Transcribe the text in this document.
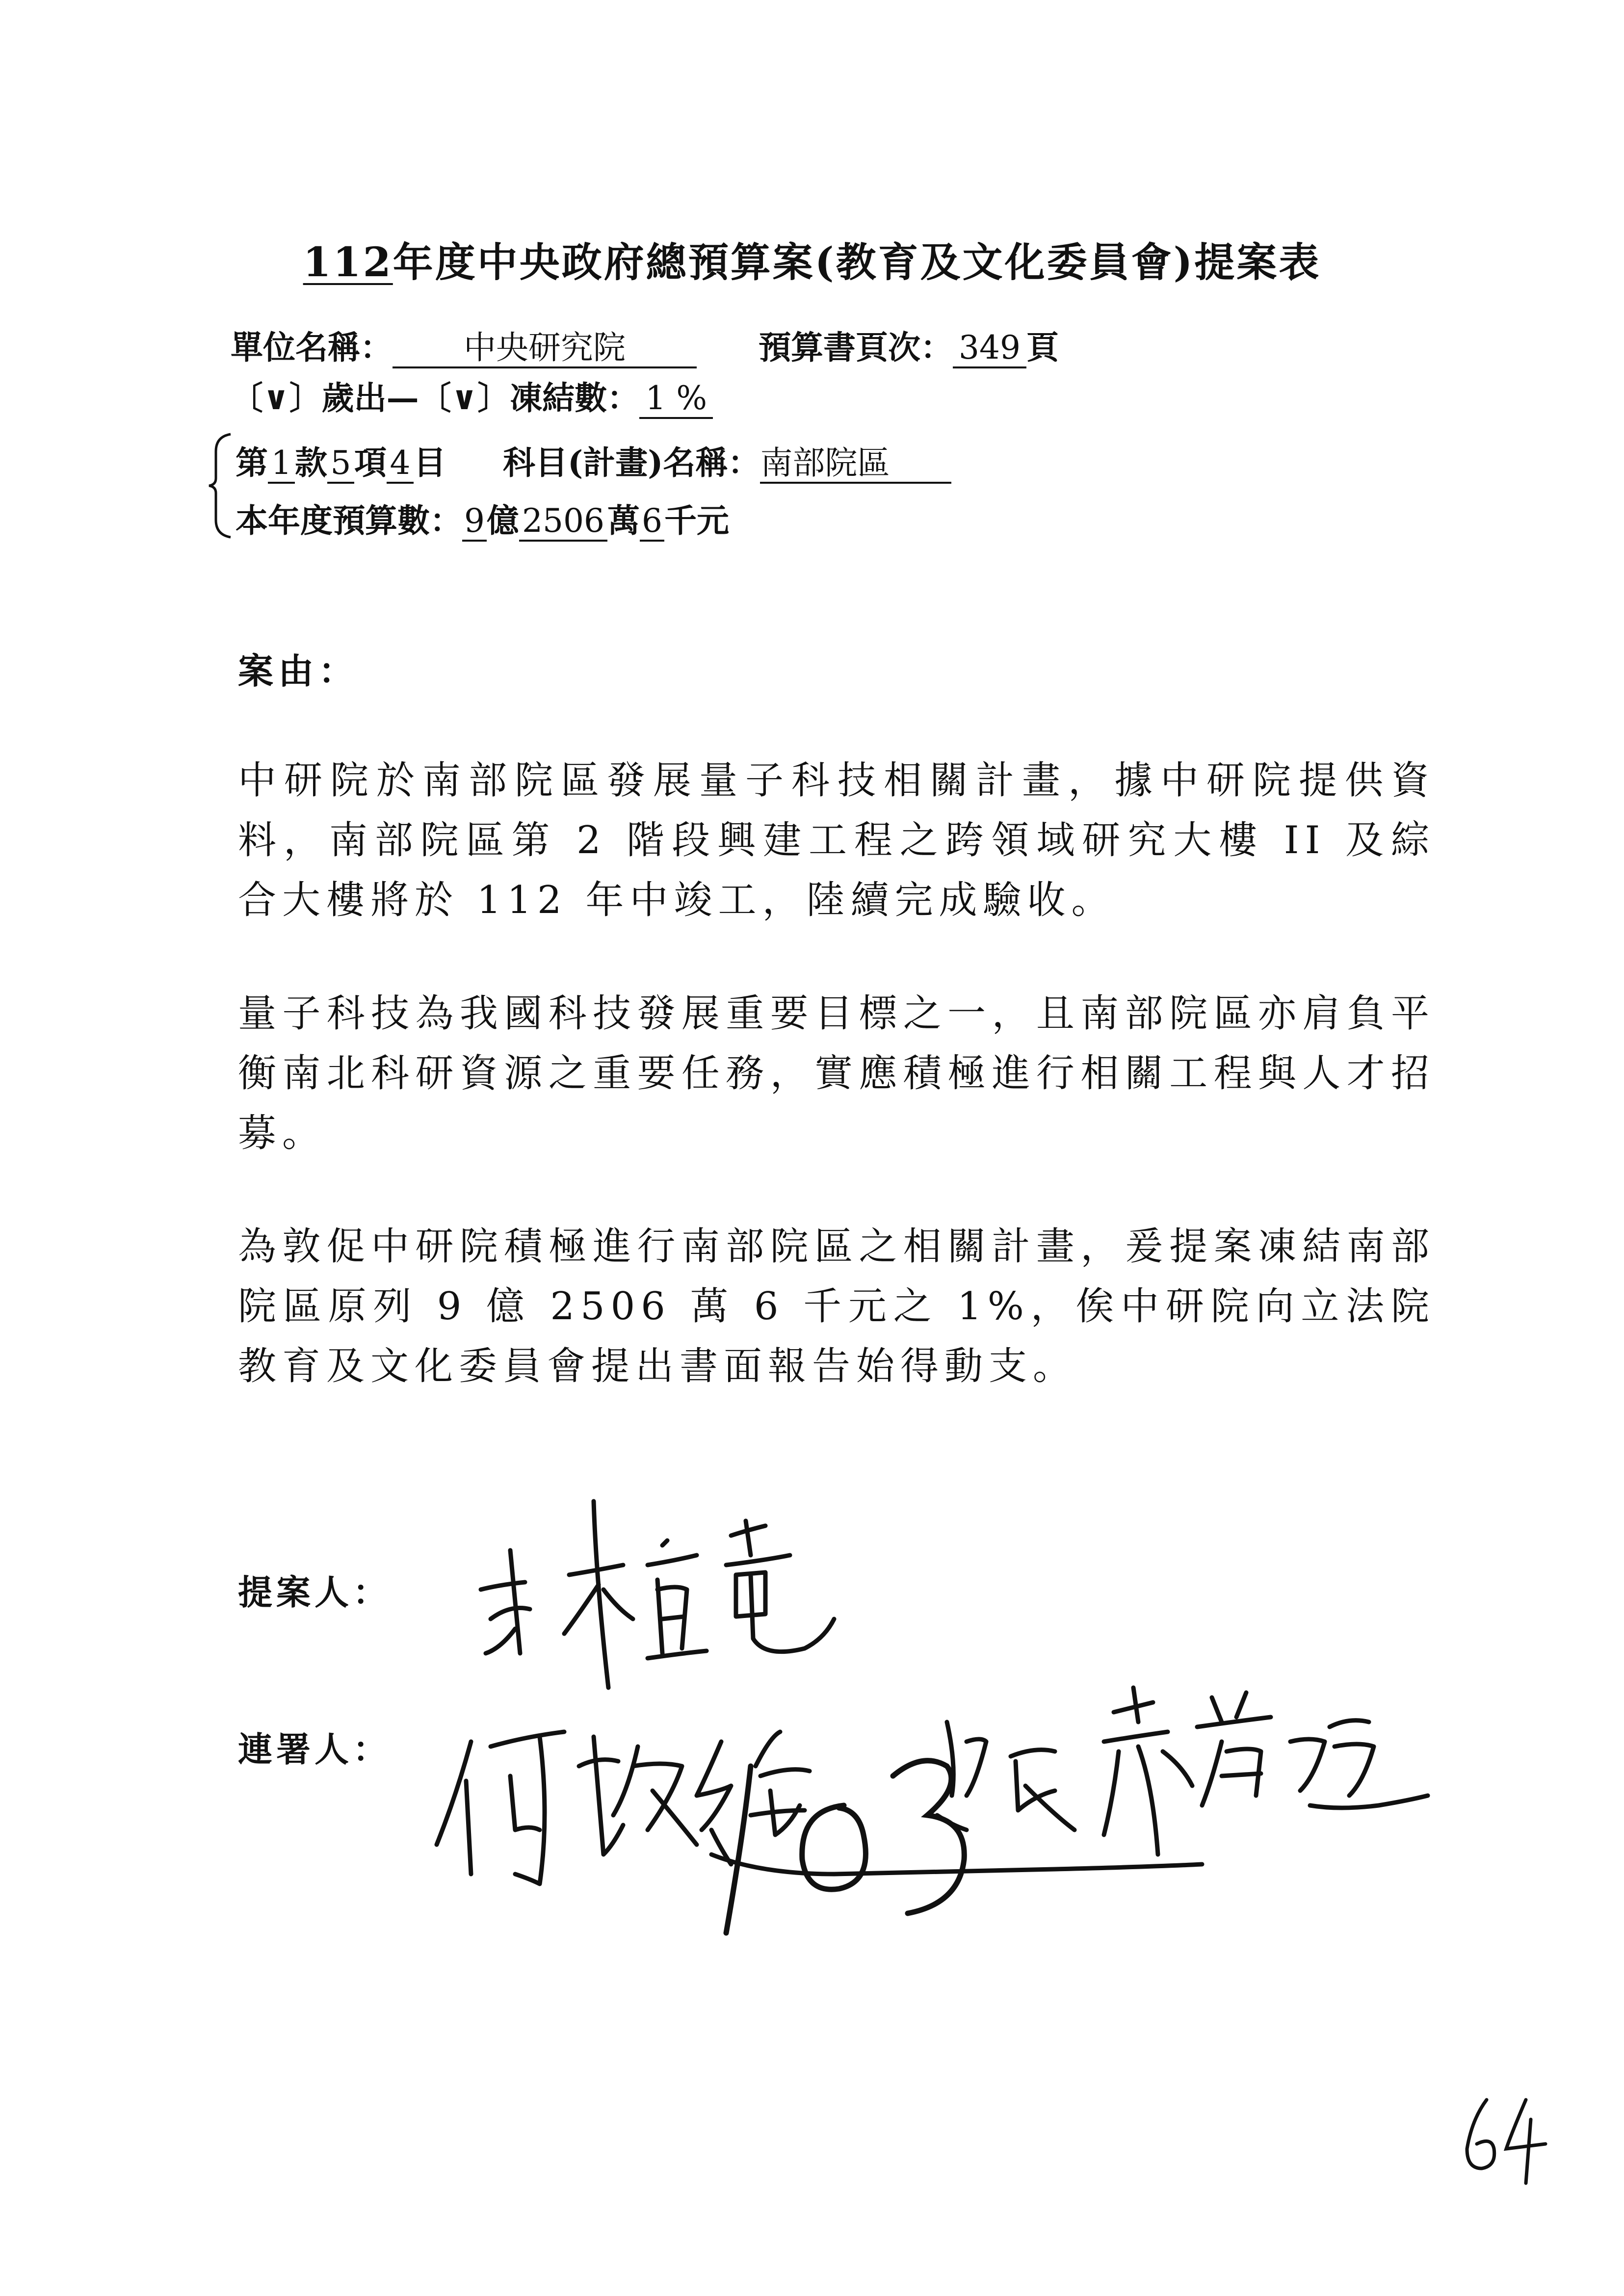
112年度中央政府總預算案(教育及文化委員會)提案表
單位名稱： 中央研究院	預算書頁次： 349 頁
〔∨〕歲出—〔∨〕凍結數： 1 %
第1款5項4目 科目(計畫)名稱：南部院區
本年度預算數：9億2506萬6千元
案由：
中研院於南部院區發展量子科技相關計畫，據中研院提供資料，南部院區第 2 階段興建工程之跨領域研究大樓 II 及綜合大樓將於 112 年中竣工，陸續完成驗收。
量子科技為我國科技發展重要目標之一，且南部院區亦肩負平衡南北科研資源之重要任務，實應積極進行相關工程與人才招募。
為敦促中研院積極進行南部院區之相關計畫，爰提案凍結南部院區原列 9 億 2506 萬 6 千元之 1%，俟中研院向立法院教育及文化委員會提出書面報告始得動支。
提案人：
連署人：
